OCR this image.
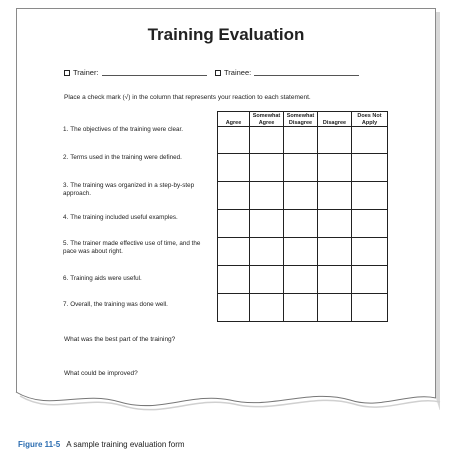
Training Evaluation
Trainer:	Trainee:
Place a check mark (√) in the column that represents your reaction to each statement.
Agree	Somewhat Agree	Somewhat Disagree	Disagree	Does Not Apply

1. The objectives of the training were clear.
2. Terms used in the training were defined.
3. The training was organized in a step-by-step approach.
4. The training included useful examples.
5. The trainer made effective use of time, and the pace was about right.
6. Training aids were useful.
7. Overall, the training was done well.
What was the best part of the training?
What could be improved?
Figure 11-5 A sample training evaluation form
